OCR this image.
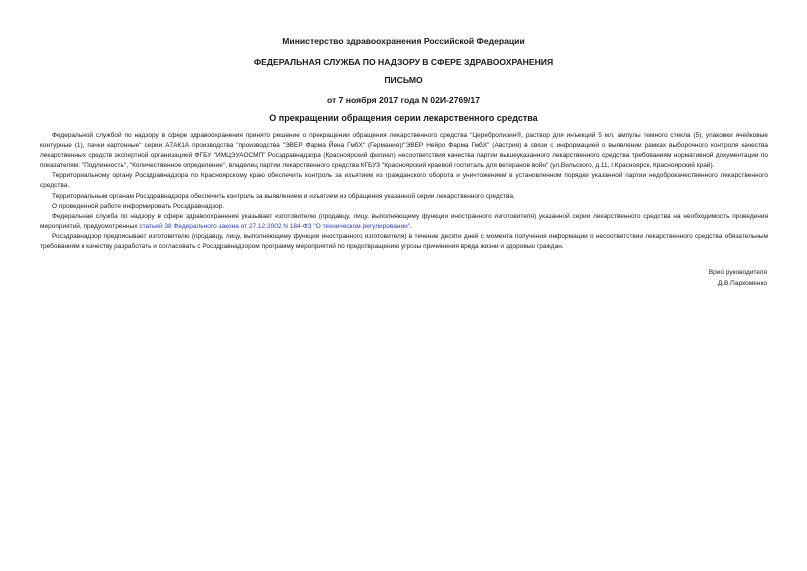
Министерство здравоохранения Российской Федерации
ФЕДЕРАЛЬНАЯ СЛУЖБА ПО НАДЗОРУ В СФЕРЕ ЗДРАВООХРАНЕНИЯ
ПИСЬМО
от 7 ноября 2017 года N 02И-2769/17
О прекращении обращения серии лекарственного средства

Федеральной службой по надзору в сфере здравоохранения принято решение о прекращении обращения лекарственного средства "Церебролизин®, раствор для инъекций 5 мл, ампулы темного стекла (5), упаковки ячейковые контурные (1), пачки картонные" серии А7АК1А производства "производства "ЭВЕР Фарма Йена ГмбХ" (Германия)/"ЭВЕР Нейро Фарма ГмбХ" (Австрия) в связи с информацией о выявлении рамках выборочного контроля качества лекарственных средств экспертной организацией ФГБУ "ИМЦЭУАОСМП" Росздравнадзора (Красноярский филиал) несоответствия качества партии вышеуказанного лекарственного средства требованиям нормативной документации по показателям: "Подлинность", "Количественное определение", владелец партии лекарственного средства КГБУЗ "Красноярский краевой госпиталь для ветеранов войн" (ул.Вильского, д.11, г.Красноярск, Красноярский край).

Территориальному органу Росздравнадзора по Красноярскому краю обеспечить контроль за изъятием из гражданского оборота и уничтожением в установленном порядке указанной партии недоброкачественного лекарственного средства.

Территориальным органам Росздравнадзора обеспечить контроль за выявлением и изъятием из обращения указанной серии лекарственного средства.

О проведенной работе информировать Росздравнадзор.

Федеральная служба по надзору в сфере здравоохранения указывает изготовителю (продавцу, лицу, выполняющему функции иностранного изготовителя) указанной серии лекарственного средства на необходимость проведения мероприятий, предусмотренных статьей 38 Федерального закона от 27.12.2002 N 184-ФЗ "О техническом регулировании".

Росздравнадзор предписывает изготовителю (продавцу, лицу, выполняющему функции иностранного изготовителя) в течение десяти дней с момента получения информации о несоответствии лекарственного средства обязательным требованиям к качеству разработать и согласовать с Росздравнадзором программу мероприятий по предотвращению угрозы причинения вреда жизни и здоровью граждан.

Врио руководителя
Д.В.Пархоменко
